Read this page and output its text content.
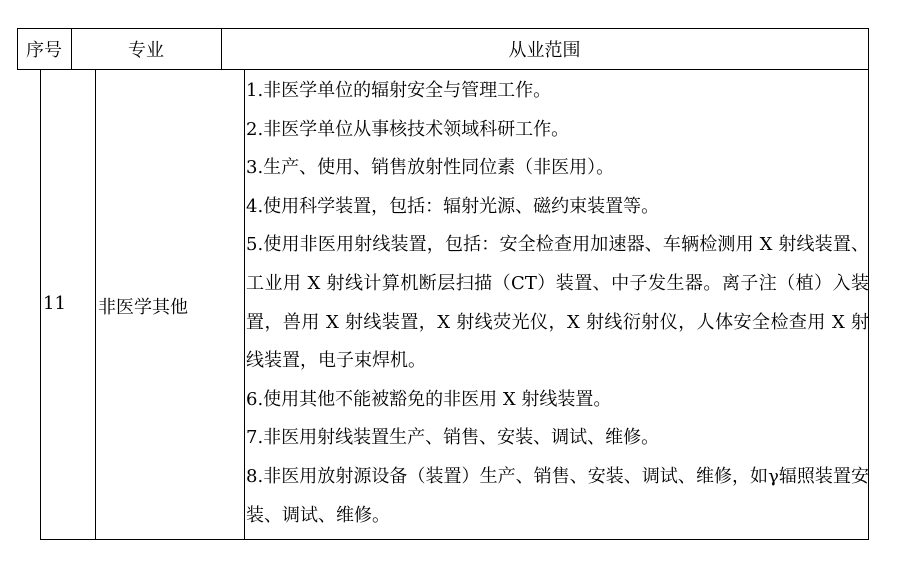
序号	专业	从业范围
11 非医学其他

1.非医学单位的辐射安全与管理工作。

2.非医学单位从事核技术领域科研工作。

3.生产、使用、销售放射性同位素（非医用）。

4.使用科学装置，包括：辐射光源、磁约束装置等。

5.使用非医用射线装置，包括：安全检查用加速器、车辆检测用 X 射线装置、工业用 X 射线计算机断层扫描（CT）装置、中子发生器。离子注（植）入装置，兽用 X 射线装置，X 射线荧光仪，X 射线衍射仪，人体安全检查用 X 射线装置，电子束焊机。

6.使用其他不能被豁免的非医用 X 射线装置。

7.非医用射线装置生产、销售、安装、调试、维修。

8.非医用放射源设备（装置）生产、销售、安装、调试、维修，如γ辐照装置安装、调试、维修。
